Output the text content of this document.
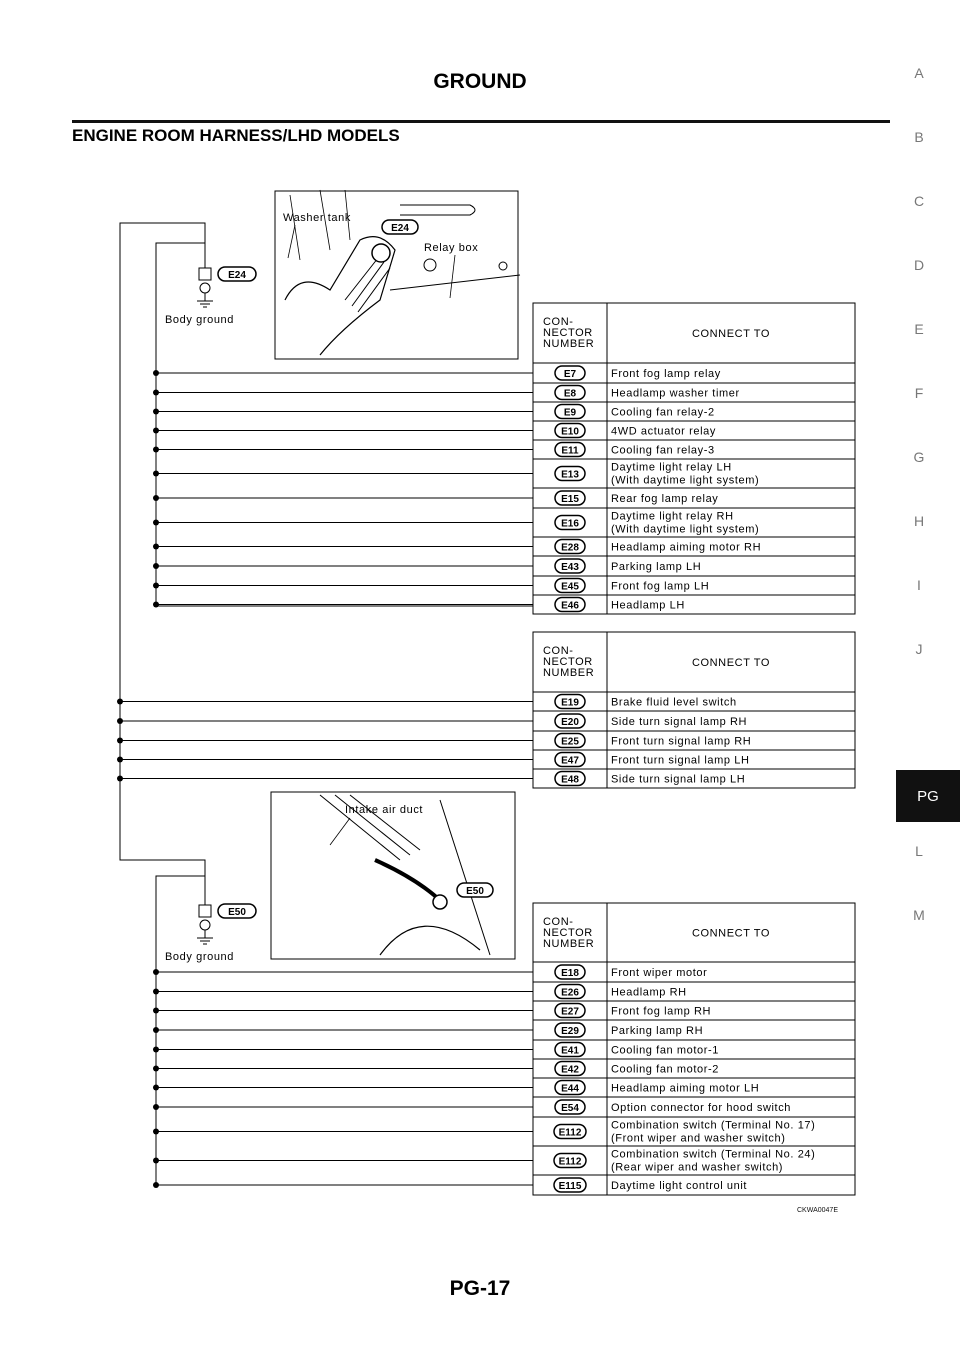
GROUND
ENGINE ROOM HARNESS/LHD MODELS
A
B
C
D
E
F
G
H
I
J
PG
L
M
E24
Body ground
E50
Body ground
Washer tank
Relay box
E24
Intake air duct
E50
CON-
NECTOR
NUMBER
CONNECT TO
Front fog lamp relay
Headlamp washer timer
Cooling fan relay-2
4WD actuator relay
Cooling fan relay-3
Daytime light relay LH
(With daytime light system)
Rear fog lamp relay
Daytime light relay RH
(With daytime light system)
Headlamp aiming motor RH
Parking lamp LH
Front fog lamp LH
Headlamp LH
E7
E8
E9
E10
E11
E13
E15
E16
E28
E43
E45
E46
CON-
NECTOR
NUMBER
CONNECT TO
Brake fluid level switch
Side turn signal lamp RH
Front turn signal lamp RH
Front turn signal lamp LH
Side turn signal lamp LH
E19
E20
E25
E47
E48
CON-
NECTOR
NUMBER
CONNECT TO
Front wiper motor
Headlamp RH
Front fog lamp RH
Parking lamp RH
Cooling fan motor-1
Cooling fan motor-2
Headlamp aiming motor LH
Option connector for hood switch
Combination switch (Terminal No. 17)
(Front wiper and washer switch)
Combination switch (Terminal No. 24)
(Rear wiper and washer switch)
Daytime light control unit
E18
E26
E27
E29
E41
E42
E44
E54
E112
E112
E115
CKWA0047E
PG-17
